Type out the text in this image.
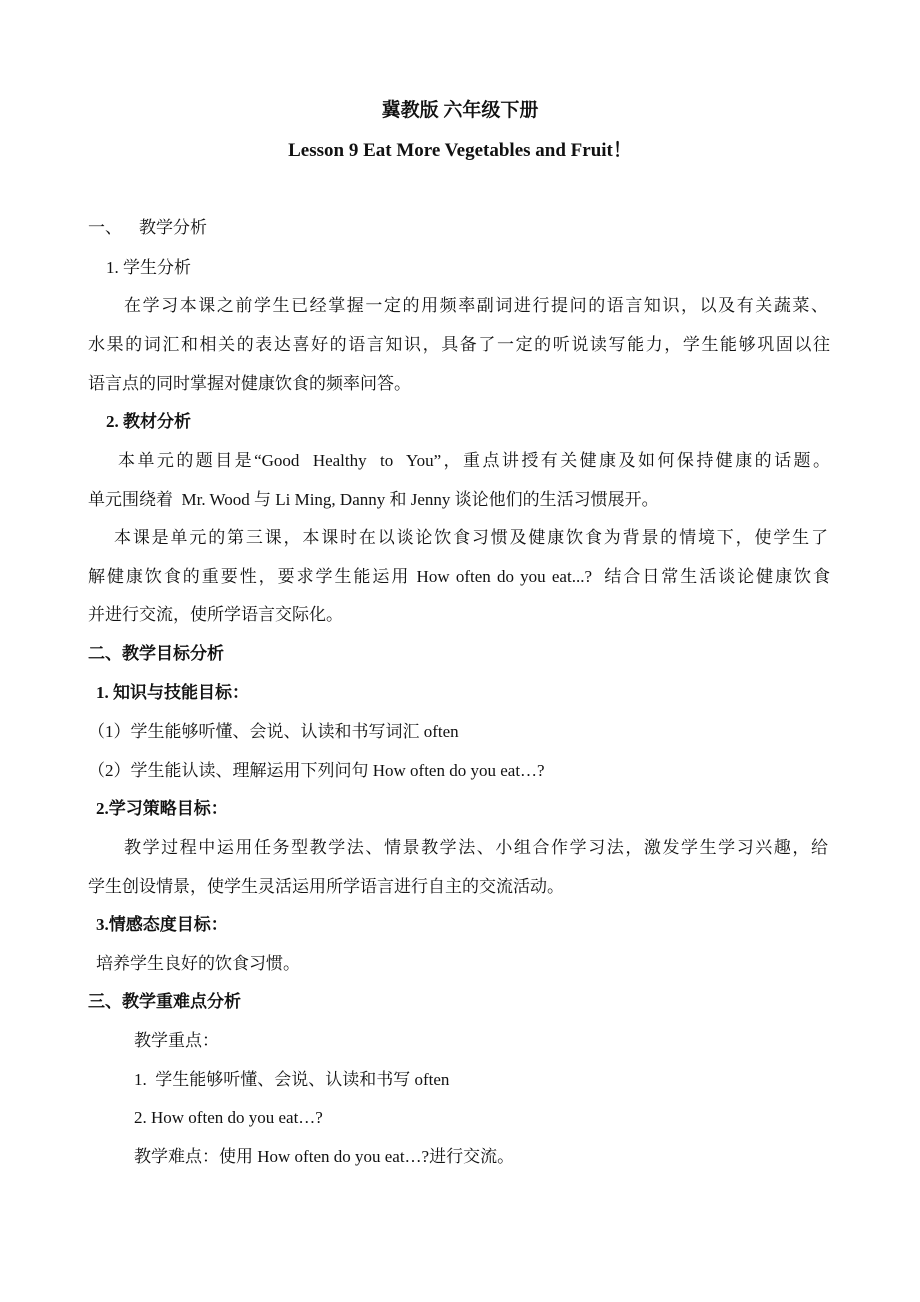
冀教版 六年级下册
Lesson 9 Eat More Vegetables and Fruit！
一、    教学分析
1. 学生分析
在学习本课之前学生已经掌握一定的用频率副词进行提问的语言知识，以及有关蔬菜、
水果的词汇和相关的表达喜好的语言知识，具备了一定的听说读写能力，学生能够巩固以往
语言点的同时掌握对健康饮食的频率问答。
2. 教材分析
本单元的题目是“Good  Healthy  to  You”，重点讲授有关健康及如何保持健康的话题。
单元围绕着  Mr. Wood 与 Li Ming, Danny 和 Jenny 谈论他们的生活习惯展开。
本课是单元的第三课，本课时在以谈论饮食习惯及健康饮食为背景的情境下，使学生了
解健康饮食的重要性，要求学生能运用 How often do you eat...?  结合日常生活谈论健康饮食
并进行交流，使所学语言交际化。
二、教学目标分析
1. 知识与技能目标：
（1）学生能够听懂、会说、认读和书写词汇 often
（2）学生能认读、理解运用下列问句 How often do you eat…?
2.学习策略目标：
教学过程中运用任务型教学法、情景教学法、小组合作学习法，激发学生学习兴趣，给
学生创设情景，使学生灵活运用所学语言进行自主的交流活动。
3.情感态度目标：
培养学生良好的饮食习惯。
三、教学重难点分析
教学重点：
1.  学生能够听懂、会说、认读和书写 often
2. How often do you eat…?
教学难点：使用 How often do you eat…?进行交流。
